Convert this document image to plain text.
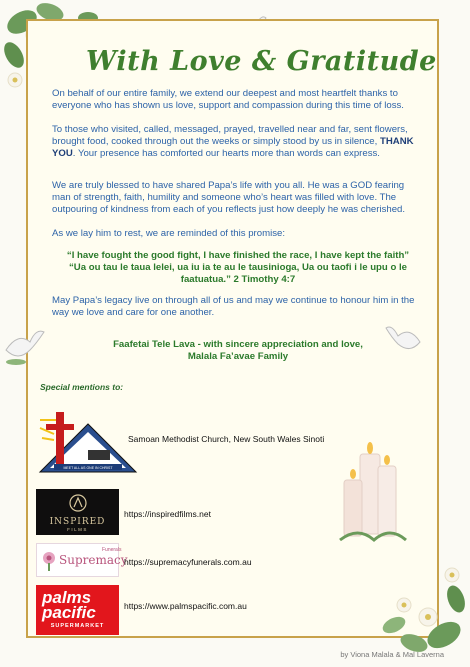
With Love & Gratitude
On behalf of our entire family, we extend our deepest and most heartfelt thanks to everyone who has shown us love, support and compassion during this time of loss.
To those who visited, called, messaged, prayed, travelled near and far, sent flowers, brought food, cooked through out the weeks or simply stood by us in silence, THANK YOU. Your presence has comforted our hearts more than words can express.
We are truly blessed to have shared Papa’s life with you all. He was a GOD fearing man of strength, faith, humility and someone who’s heart was filled with love. The outpouring of kindness from each of you reflects just how deeply he was cherished.
As we lay him to rest, we are reminded of this promise:
“I have fought the good fight, I have finished the race, I have kept the faith”
“Ua ou tau le taua lelei, ua iu ia te au le tausinioga, Ua ou taofi i le upu o le faatuatua.” 2 Timothy 4:7
May Papa’s legacy live on through all of us and may we continue to honour him in the way we love and care for one another.
Faafetai Tele Lava - with sincere appreciation and love,
Malala Fa’avae Family
Special mentions to:
MEET ALL AS ONE IN CHRIST
Samoan Methodist Church, New South Wales Sinoti
INSPIRED
FILMS
https://inspiredfilms.net
Funerals
Supremacy
https://supremacyfunerals.com.au
palms
pacific
SUPERMARKET
https://www.palmspacific.com.au
by Viona Malala & Mal Laverna
